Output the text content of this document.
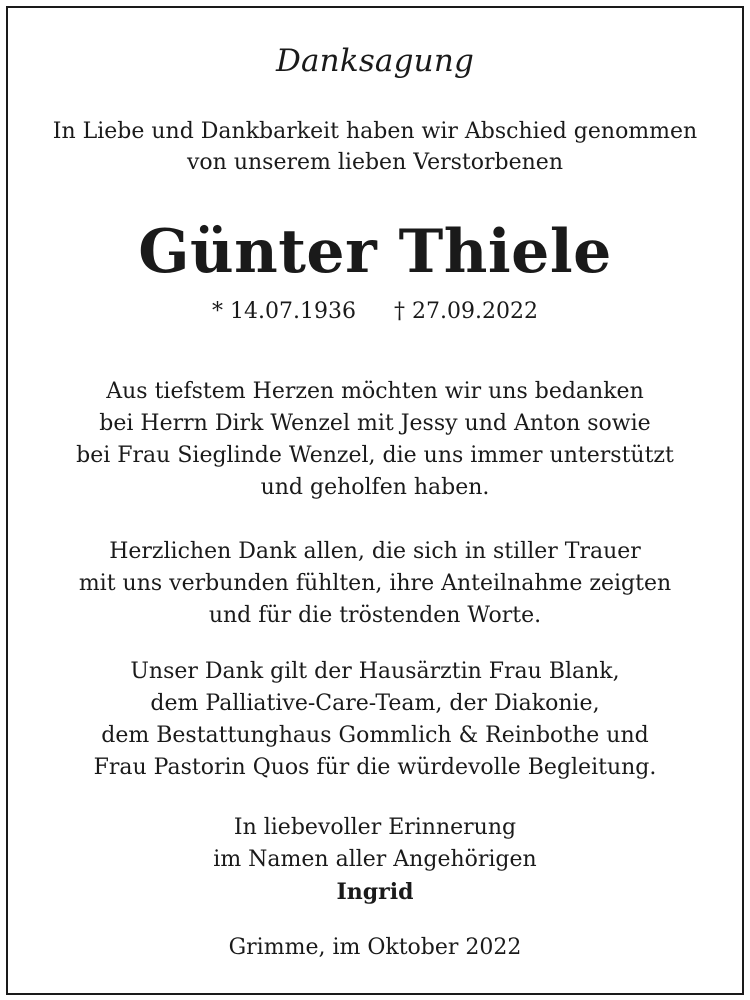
Danksagung
In Liebe und Dankbarkeit haben wir Abschied genommen
von unserem lieben Verstorbenen
Günter Thiele
* 14.07.1936 † 27.09.2022
Aus tiefstem Herzen möchten wir uns bedanken
bei Herrn Dirk Wenzel mit Jessy und Anton sowie
bei Frau Sieglinde Wenzel, die uns immer unterstützt
und geholfen haben.
Herzlichen Dank allen, die sich in stiller Trauer
mit uns verbunden fühlten, ihre Anteilnahme zeigten
und für die tröstenden Worte.
Unser Dank gilt der Hausärztin Frau Blank,
dem Palliative-Care-Team, der Diakonie,
dem Bestattunghaus Gommlich & Reinbothe und
Frau Pastorin Quos für die würdevolle Begleitung.
In liebevoller Erinnerung
im Namen aller Angehörigen
Ingrid
Grimme, im Oktober 2022
